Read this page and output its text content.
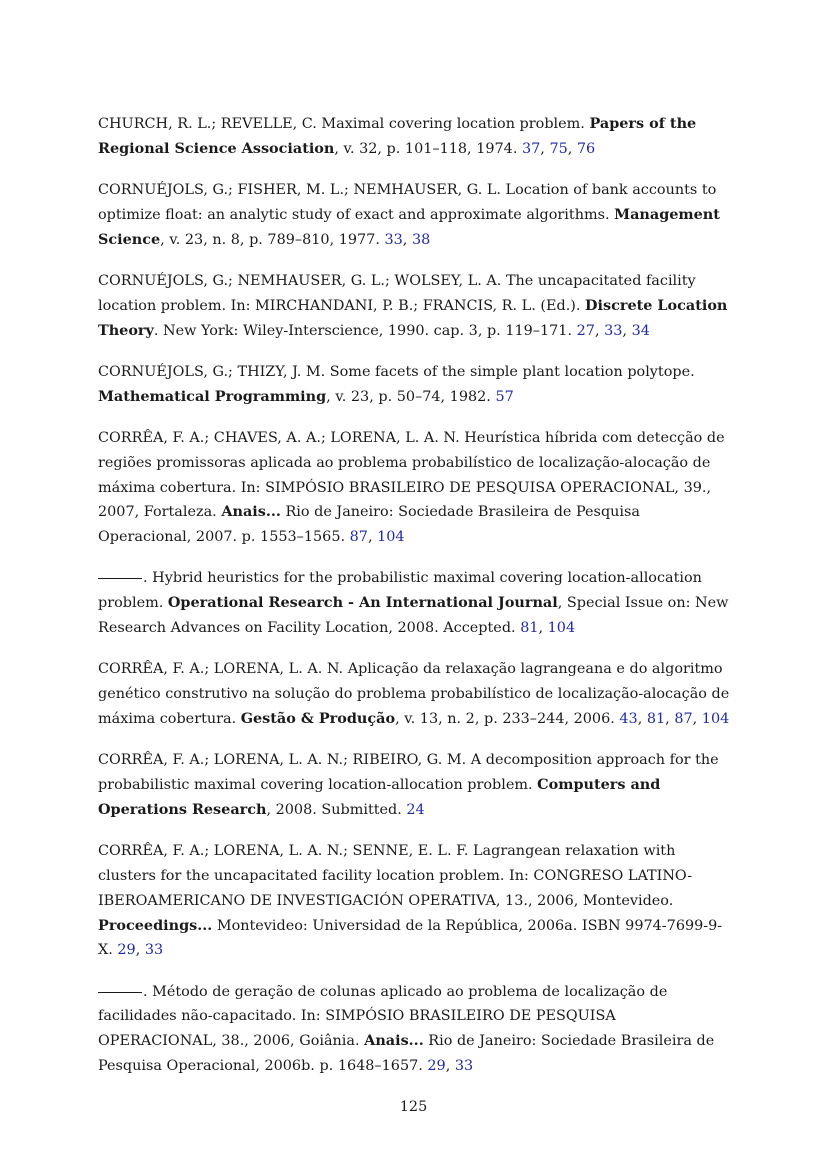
CHURCH, R. L.; REVELLE, C. Maximal covering location problem. Papers of the Regional Science Association, v. 32, p. 101–118, 1974. 37, 75, 76

CORNUÉJOLS, G.; FISHER, M. L.; NEMHAUSER, G. L. Location of bank accounts to optimize float: an analytic study of exact and approximate algorithms. Management Science, v. 23, n. 8, p. 789–810, 1977. 33, 38

CORNUÉJOLS, G.; NEMHAUSER, G. L.; WOLSEY, L. A. The uncapacitated facility location problem. In: MIRCHANDANI, P. B.; FRANCIS, R. L. (Ed.). Discrete Location Theory. New York: Wiley-Interscience, 1990. cap. 3, p. 119–171. 27, 33, 34

CORNUÉJOLS, G.; THIZY, J. M. Some facets of the simple plant location polytope. Mathematical Programming, v. 23, p. 50–74, 1982. 57

CORRÊA, F. A.; CHAVES, A. A.; LORENA, L. A. N. Heurística híbrida com detecção de regiões promissoras aplicada ao problema probabilístico de localização-alocação de máxima cobertura. In: SIMPÓSIO BRASILEIRO DE PESQUISA OPERACIONAL, 39., 2007, Fortaleza. Anais... Rio de Janeiro: Sociedade Brasileira de Pesquisa Operacional, 2007. p. 1553–1565. 87, 104

. Hybrid heuristics for the probabilistic maximal covering location-allocation problem. Operational Research - An International Journal, Special Issue on: New Research Advances on Facility Location, 2008. Accepted. 81, 104

CORRÊA, F. A.; LORENA, L. A. N. Aplicação da relaxação lagrangeana e do algoritmo genético construtivo na solução do problema probabilístico de localização-alocação de máxima cobertura. Gestão & Produção, v. 13, n. 2, p. 233–244, 2006. 43, 81, 87, 104

CORRÊA, F. A.; LORENA, L. A. N.; RIBEIRO, G. M. A decomposition approach for the probabilistic maximal covering location-allocation problem. Computers and Operations Research, 2008. Submitted. 24

CORRÊA, F. A.; LORENA, L. A. N.; SENNE, E. L. F. Lagrangean relaxation with clusters for the uncapacitated facility location problem. In: CONGRESO LATINO-IBEROAMERICANO DE INVESTIGACIÓN OPERATIVA, 13., 2006, Montevideo. Proceedings... Montevideo: Universidad de la República, 2006a. ISBN 9974-7699-9-X. 29, 33

. Método de geração de colunas aplicado ao problema de localização de facilidades não-capacitado. In: SIMPÓSIO BRASILEIRO DE PESQUISA OPERACIONAL, 38., 2006, Goiânia. Anais... Rio de Janeiro: Sociedade Brasileira de Pesquisa Operacional, 2006b. p. 1648–1657. 29, 33

125
